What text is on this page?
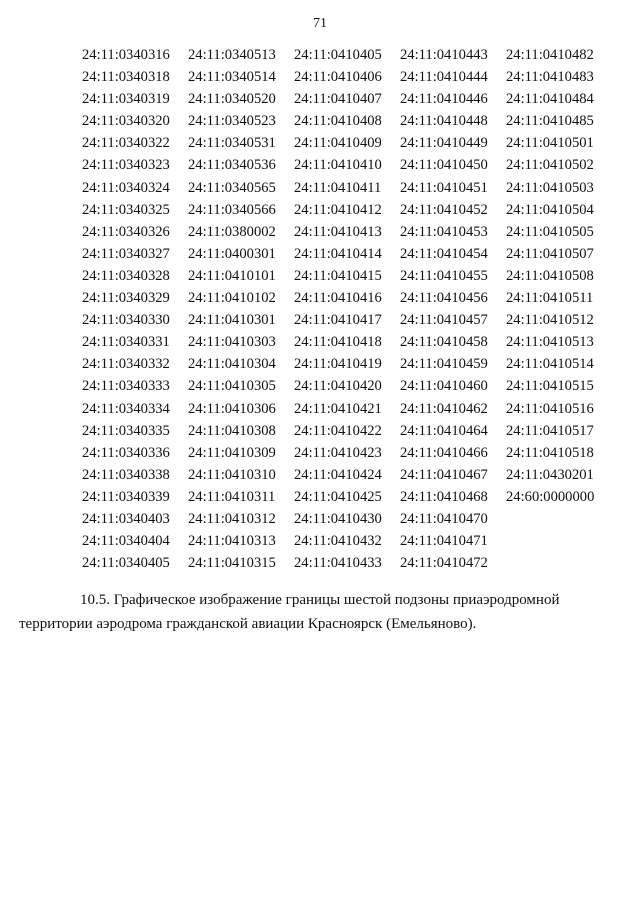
71
24:11:0340316
24:11:0340318
24:11:0340319
24:11:0340320
24:11:0340322
24:11:0340323
24:11:0340324
24:11:0340325
24:11:0340326
24:11:0340327
24:11:0340328
24:11:0340329
24:11:0340330
24:11:0340331
24:11:0340332
24:11:0340333
24:11:0340334
24:11:0340335
24:11:0340336
24:11:0340338
24:11:0340339
24:11:0340403
24:11:0340404
24:11:0340405
24:11:0340513
24:11:0340514
24:11:0340520
24:11:0340523
24:11:0340531
24:11:0340536
24:11:0340565
24:11:0340566
24:11:0380002
24:11:0400301
24:11:0410101
24:11:0410102
24:11:0410301
24:11:0410303
24:11:0410304
24:11:0410305
24:11:0410306
24:11:0410308
24:11:0410309
24:11:0410310
24:11:0410311
24:11:0410312
24:11:0410313
24:11:0410315
24:11:0410405
24:11:0410406
24:11:0410407
24:11:0410408
24:11:0410409
24:11:0410410
24:11:0410411
24:11:0410412
24:11:0410413
24:11:0410414
24:11:0410415
24:11:0410416
24:11:0410417
24:11:0410418
24:11:0410419
24:11:0410420
24:11:0410421
24:11:0410422
24:11:0410423
24:11:0410424
24:11:0410425
24:11:0410430
24:11:0410432
24:11:0410433
24:11:0410443
24:11:0410444
24:11:0410446
24:11:0410448
24:11:0410449
24:11:0410450
24:11:0410451
24:11:0410452
24:11:0410453
24:11:0410454
24:11:0410455
24:11:0410456
24:11:0410457
24:11:0410458
24:11:0410459
24:11:0410460
24:11:0410462
24:11:0410464
24:11:0410466
24:11:0410467
24:11:0410468
24:11:0410470
24:11:0410471
24:11:0410472
24:11:0410482
24:11:0410483
24:11:0410484
24:11:0410485
24:11:0410501
24:11:0410502
24:11:0410503
24:11:0410504
24:11:0410505
24:11:0410507
24:11:0410508
24:11:0410511
24:11:0410512
24:11:0410513
24:11:0410514
24:11:0410515
24:11:0410516
24:11:0410517
24:11:0410518
24:11:0430201
24:60:0000000
10.5. Графическое изображение границы шестой подзоны приаэродромной
территории аэродрома гражданской авиации Красноярск (Емельяново).
